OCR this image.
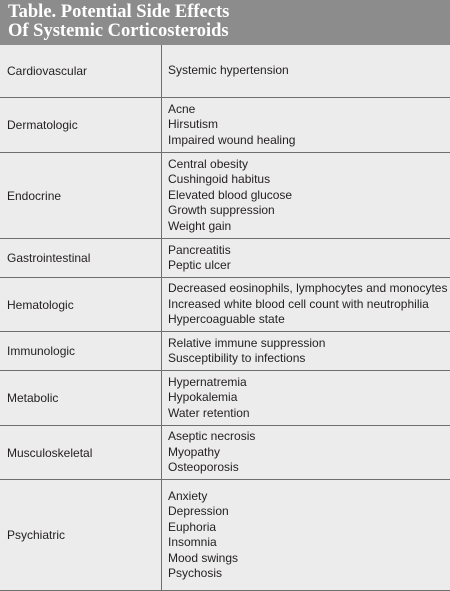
Table. Potential Side Effects
Of Systemic Corticosteroids
Cardiovascular	Systemic hypertension
Dermatologic
Acne
Hirsutism
Impaired wound healing
Endocrine
Central obesity
Cushingoid habitus
Elevated blood glucose
Growth suppression
Weight gain
Gastrointestinal
Pancreatitis
Peptic ulcer
Hematologic
Decreased eosinophils, lymphocytes and monocytes
Increased white blood cell count with neutrophilia
Hypercoaguable state
Immunologic
Relative immune suppression
Susceptibility to infections
Metabolic
Hypernatremia
Hypokalemia
Water retention
Musculoskeletal
Aseptic necrosis
Myopathy
Osteoporosis
Psychiatric
Anxiety
Depression
Euphoria
Insomnia
Mood swings
Psychosis
